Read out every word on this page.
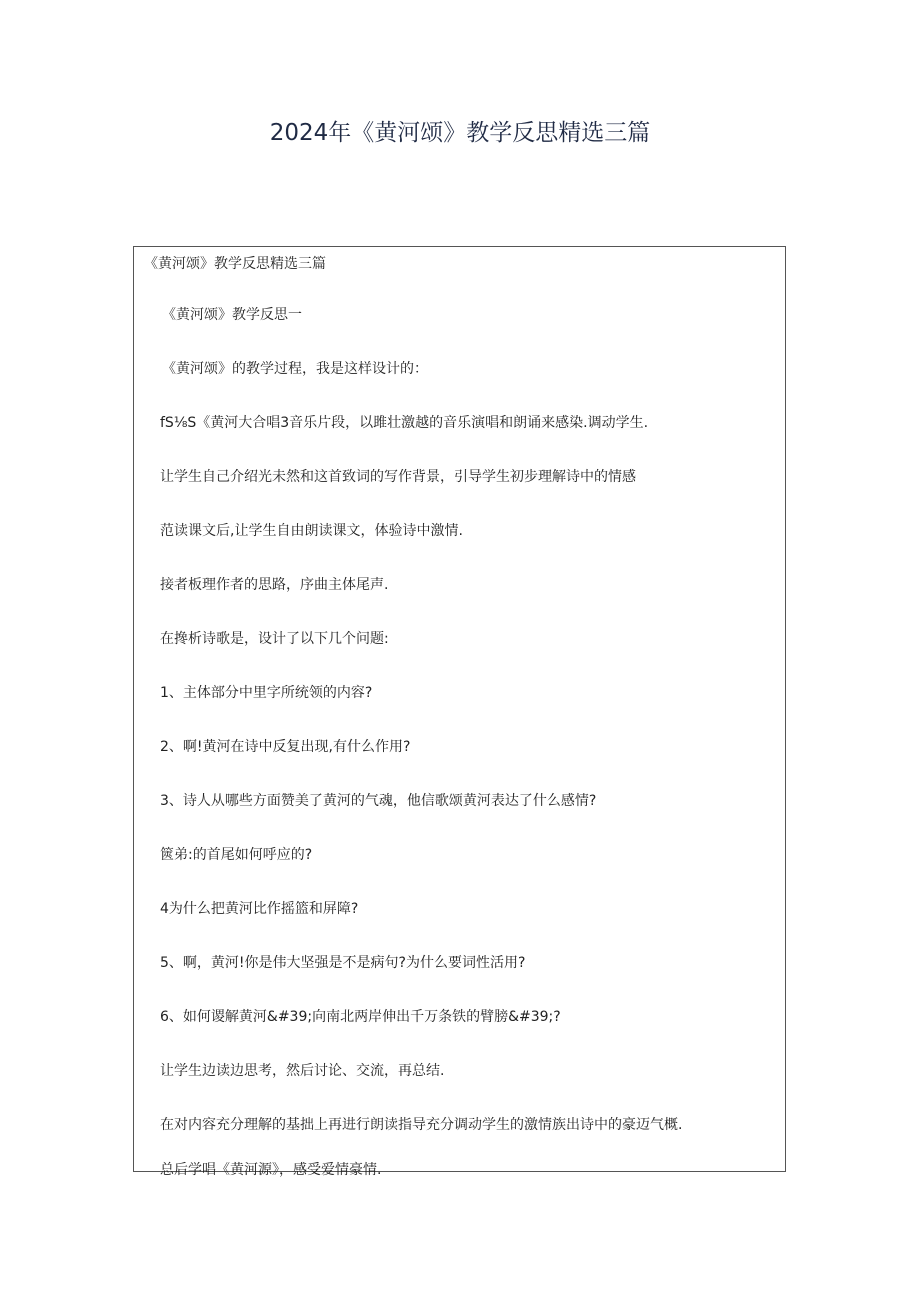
2024年《黄河颂》教学反思精选三篇
《黄河颂》教学反思精选三篇
《黄河颂》教学反思一
《黄河颂》的教学过程，我是这样设计的：
fS⅛S《黄河大合唱3音乐片段，以雎壮激越的音乐演唱和朗诵来感染.调动学生.
让学生自己介绍光未然和这首致词的写作背景，引导学生初步理解诗中的情感
范读课文后,让学生自由朗读课文，体验诗中激情.
接者板理作者的思路，序曲主体尾声.
在搀析诗歌是，设计了以下几个问题:
1、主体部分中里字所统领的内容?
2、啊!黄河在诗中反复出现,有什么作用?
3、诗人从哪些方面赞美了黄河的气魂，他信歌颂黄河表达了什么感情?
篋弟:的首尾如何呼应的?
4为什么把黄河比作摇篮和屏障?
5、啊，黄河!你是伟大坚强是不是病句?为什么要词性活用?
6、如何谡解黄河&#39;向南北两岸伸出千万条铁的臂膀&#39;?
让学生边读边思考，然后讨论、交流，再总结.
在对内容充分理解的基拙上再进行朗读指导充分调动学生的激情族出诗中的豪迈气概.
总后学唱《黄河源》，感受爱情豪情.
